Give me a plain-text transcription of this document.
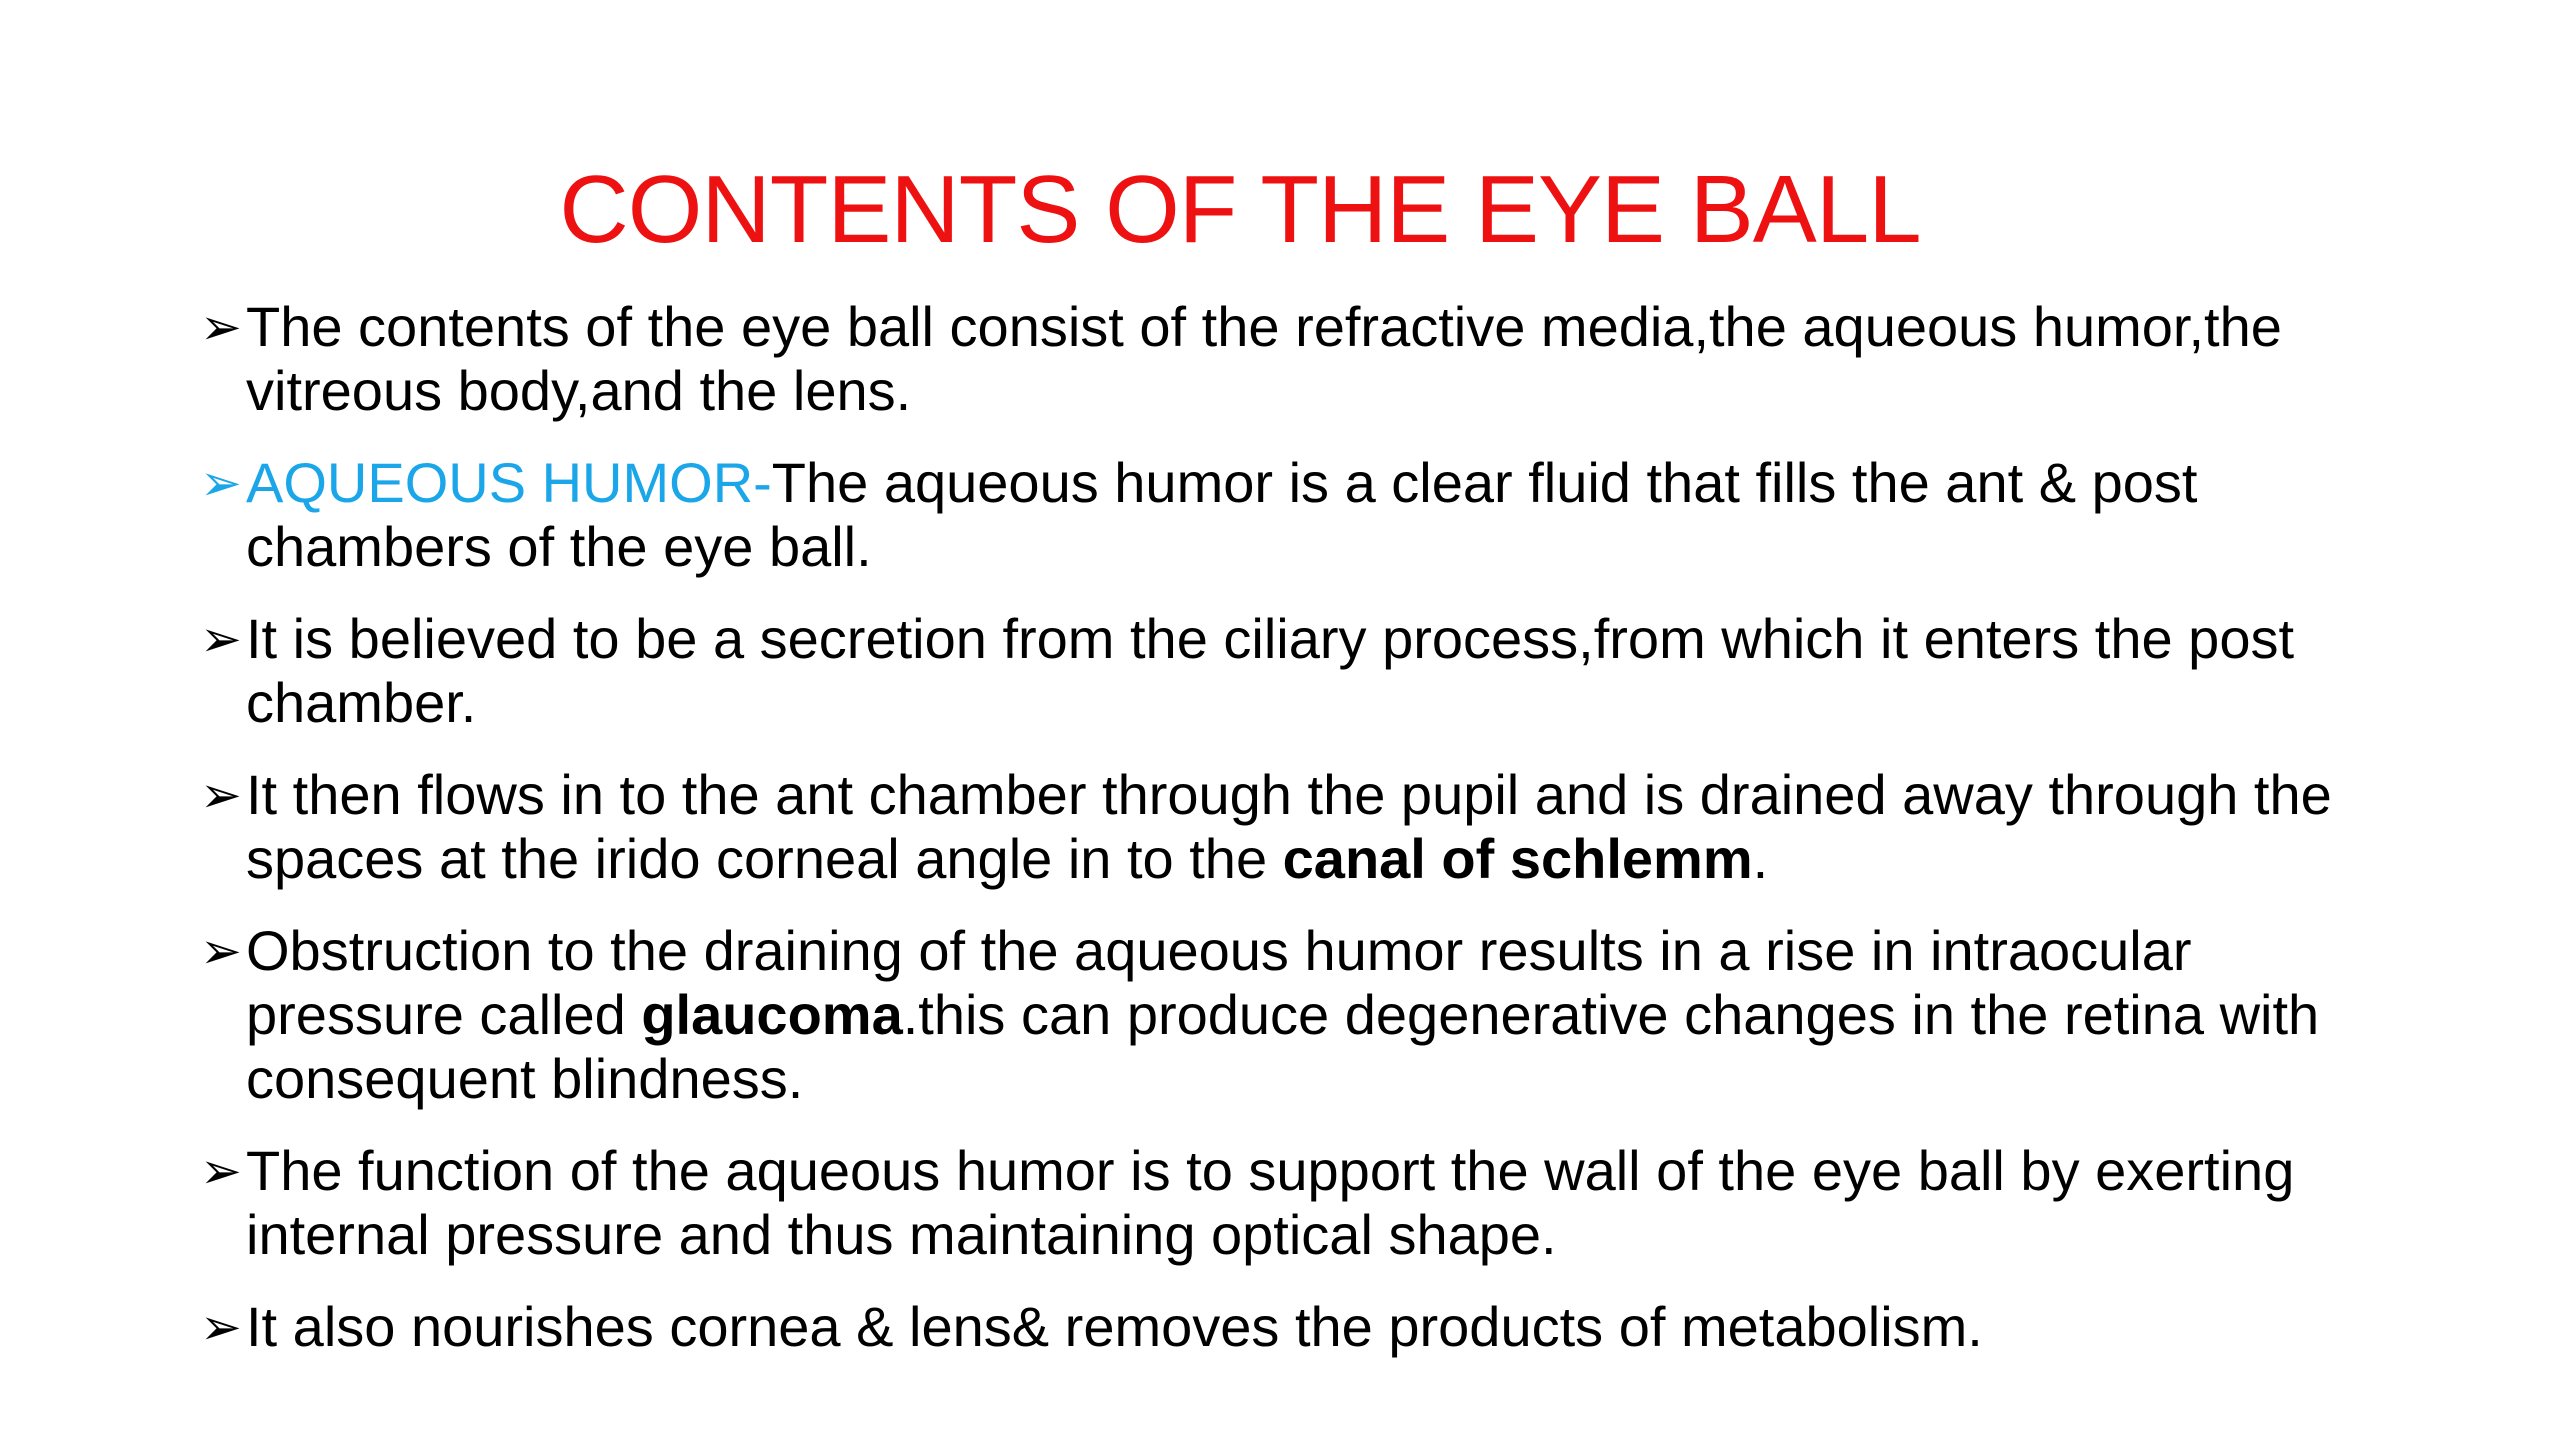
CONTENTS OF THE EYE BALL
➢ The contents of the eye ball consist of the refractive media,the aqueous humor,the vitreous body,and the lens.
➢ AQUEOUS HUMOR-The aqueous humor is a clear fluid that fills the ant & post chambers of the eye ball.
➢ It is believed to be a secretion from the ciliary process,from which it enters the post chamber.
➢ It then flows in to the ant chamber through the pupil and is drained away through the spaces at the irido corneal angle in to the canal of schlemm.
➢ Obstruction to the draining of the aqueous humor results in a rise in intraocular pressure called glaucoma.this can produce degenerative changes in the retina with consequent blindness.
➢ The function of the aqueous humor is to support the wall of the eye ball by exerting internal pressure and thus maintaining optical shape.
➢ It also nourishes cornea & lens& removes the products of metabolism.
